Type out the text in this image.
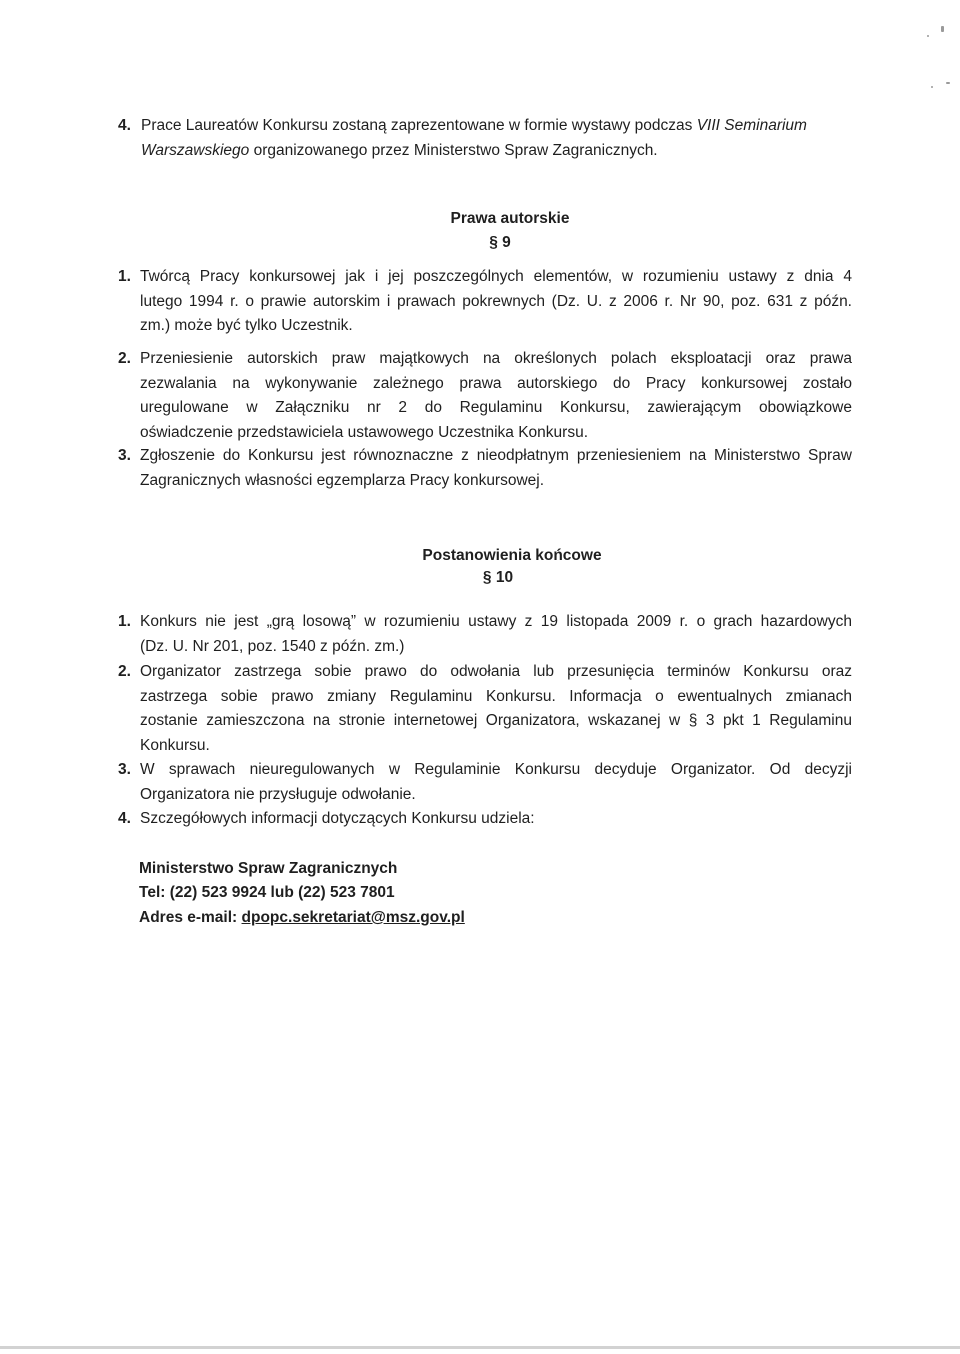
4. Prace Laureatów Konkursu zostaną zaprezentowane w formie wystawy podczas VIII Seminarium
Warszawskiego organizowanego przez Ministerstwo Spraw Zagranicznych.
Prawa autorskie
§ 9
1. Twórcą Pracy konkursowej jak i jej poszczególnych elementów, w rozumieniu ustawy z dnia 4
lutego 1994 r. o prawie autorskim i prawach pokrewnych (Dz. U. z 2006 r. Nr 90, poz. 631 z późn.
zm.) może być tylko Uczestnik.
2. Przeniesienie autorskich praw majątkowych na określonych polach eksploatacji oraz prawa
zezwalania na wykonywanie zależnego prawa autorskiego do Pracy konkursowej zostało
uregulowane w Załączniku nr 2 do Regulaminu Konkursu, zawierającym obowiązkowe
oświadczenie przedstawiciela ustawowego Uczestnika Konkursu.
3. Zgłoszenie do Konkursu jest równoznaczne z nieodpłatnym przeniesieniem na Ministerstwo Spraw
Zagranicznych własności egzemplarza Pracy konkursowej.
Postanowienia końcowe
§ 10
1. Konkurs nie jest „grą losową” w rozumieniu ustawy z 19 listopada 2009 r. o grach hazardowych
(Dz. U. Nr 201, poz. 1540 z późn. zm.)
2. Organizator zastrzega sobie prawo do odwołania lub przesunięcia terminów Konkursu oraz
zastrzega sobie prawo zmiany Regulaminu Konkursu. Informacja o ewentualnych zmianach
zostanie zamieszczona na stronie internetowej Organizatora, wskazanej w § 3 pkt 1 Regulaminu
Konkursu.
3. W sprawach nieuregulowanych w Regulaminie Konkursu decyduje Organizator. Od decyzji
Organizatora nie przysługuje odwołanie.
4. Szczegółowych informacji dotyczących Konkursu udziela:
Ministerstwo Spraw Zagranicznych
Tel: (22) 523 9924 lub (22) 523 7801
Adres e-mail: dpopc.sekretariat@msz.gov.pl
